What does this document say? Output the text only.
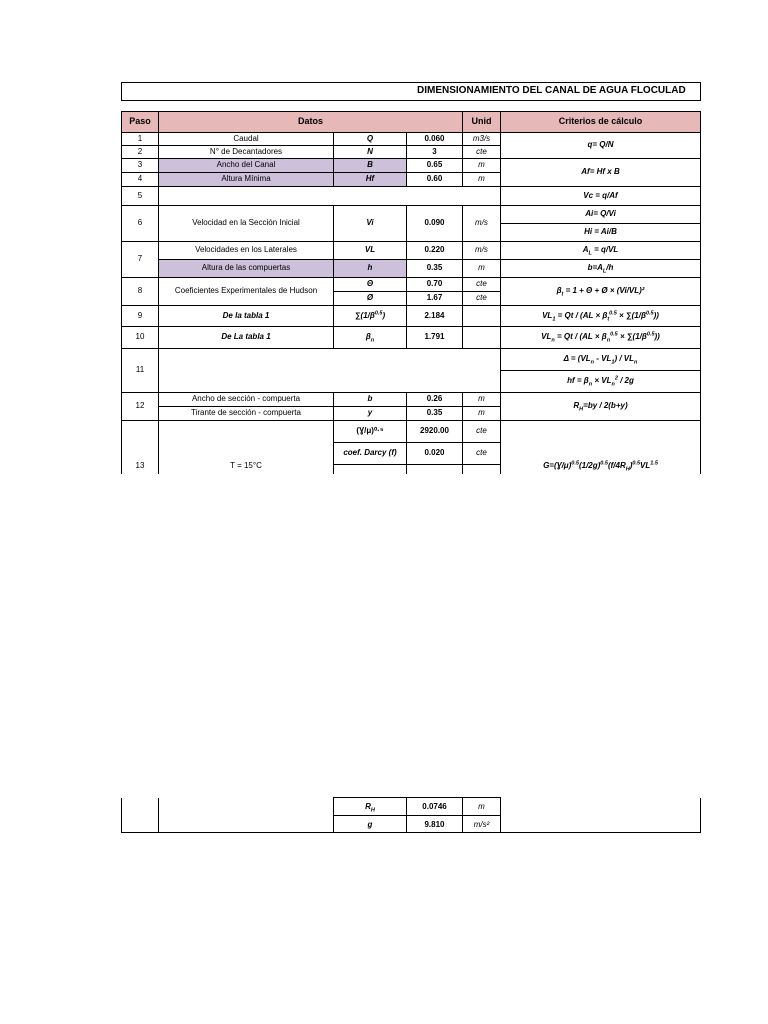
DIMENSIONAMIENTO DEL CANAL DE AGUA FLOCULAD
Paso	Datos			Unid	Criterios de cálculo
1	Caudal	Q	0.060	m3/s	q= Q/N
2	N° de Decantadores	N	3	cte	
3	Ancho del Canal	B	0.65	m	Af= Hf x B
4	Altura Mínima	Hf	0.60	m	
5					Vc = q/Af
6	Velocidad en la Sección Inicial	Vi	0.090	m/s	Ai= Q/Vi
					Hi = Ai/B
7	Velocidades en los Laterales	VL	0.220	m/s	$A_L = q/VL$
	Altura de las compuertas	h	0.35	m	$b=A_L/h$
8	Coeficientes Experimentales de Hudson	Θ	0.70	cte	$\beta_t = 1 + \Theta$ + Ø × (Vi/VL)²
		Ø	1.67	cte	
9	De la tabla 1	$\sum(1/\beta^{0.5})$	2.184		$VL_1 = Qt / (AL \times \beta_t^{0.5} \times \sum(1/\beta^{0.5}))$
10	De La tabla 1	$\beta_n$	1.791		$VL_n = Qt / (AL \times \beta_n^{0.5} \times \sum(1/\beta^{0.5}))$
11					$\Delta = (VL_n - VL_1) / VL_n$
					hf = $\beta_n \times VL_n^2 / 2g$
12	Ancho de sección - compuerta	b	0.26	m	$R_H=by / 2(b+y)$
	Tirante de sección - compuerta	y	0.35	m	
13	T = 15°C	(Ɣ/μ)⁰·⁵	2920.00	cte	$G=(Ɣ/\mu)^{0.5}(1/2g)^{0.5}(f/4R_H)^{0.5}VL^{1.5}$
		coef. Darcy (f)	0.020	cte	

		$R_H$	0.0746	m	
		g	9.810	m/s²	
